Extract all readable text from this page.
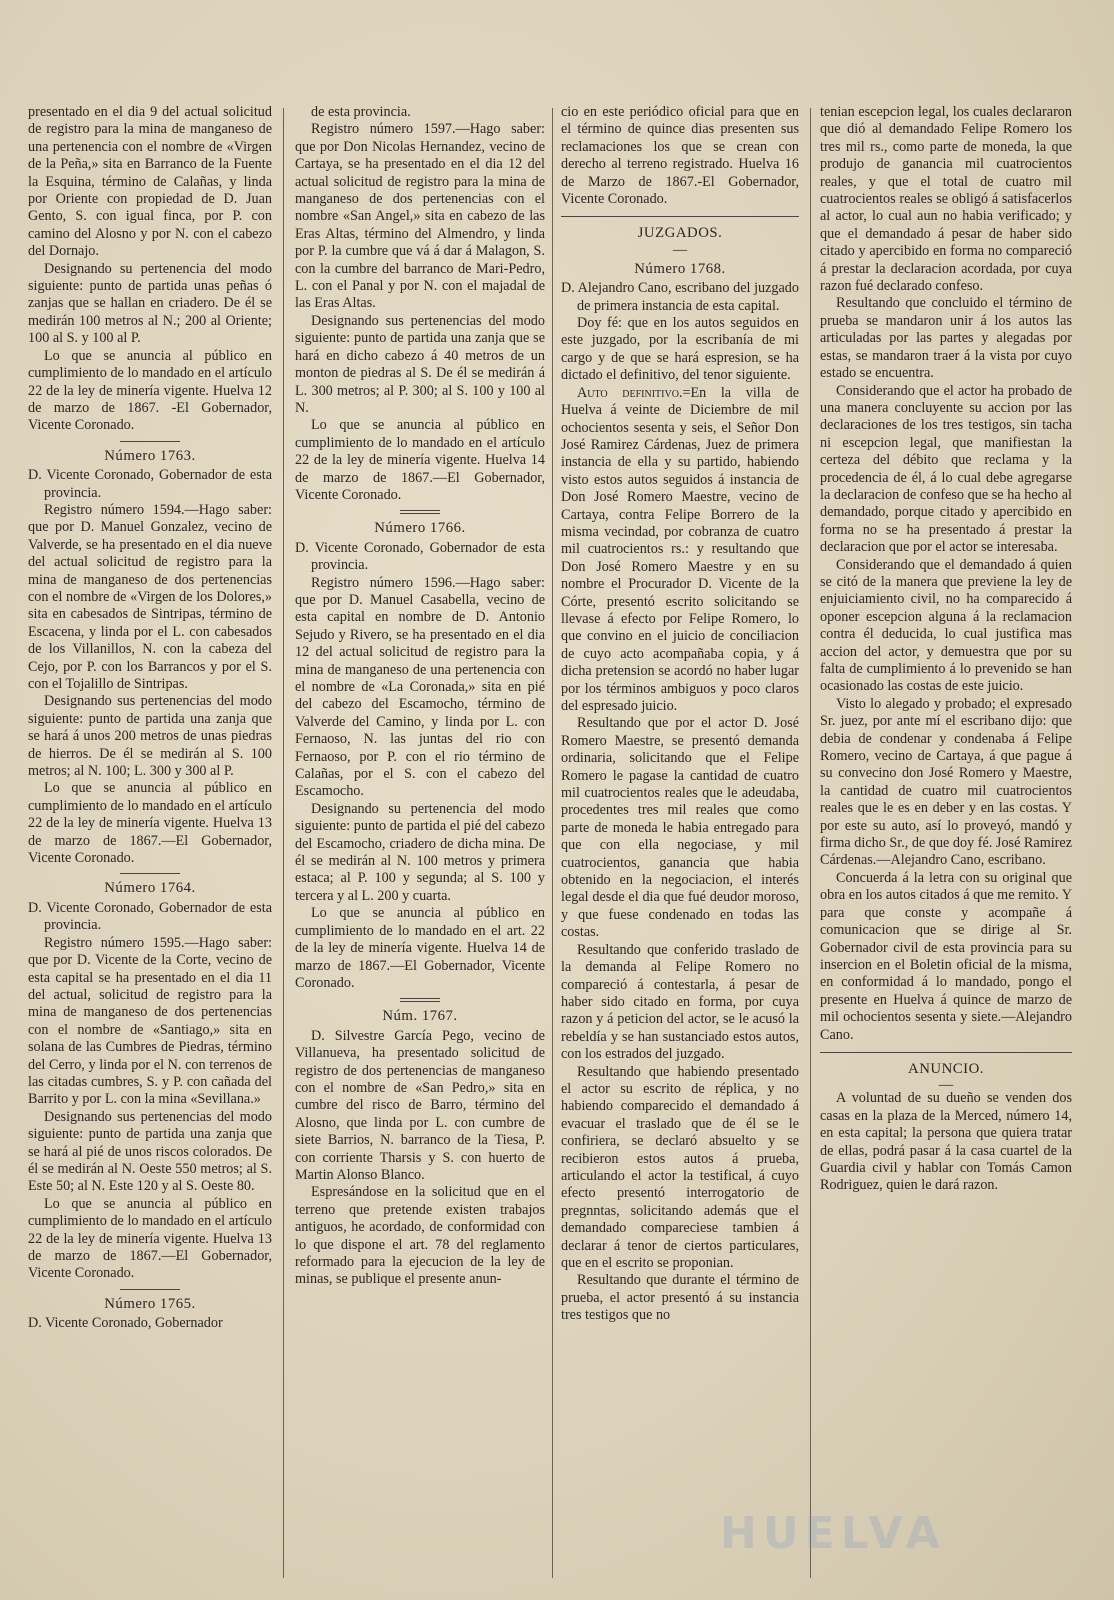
presentado en el dia 9 del actual solicitud de registro para la mina de manganeso de una pertenencia con el nombre de «Virgen de la Peña,» sita en Barranco de la Fuente la Esquina, término de Calañas, y linda por Oriente con propiedad de D. Juan Gento, S. con igual finca, por P. con camino del Alosno y por N. con el cabezo del Dornajo.

Designando su pertenencia del modo siguiente: punto de partida unas peñas ó zanjas que se hallan en criadero. De él se medirán 100 metros al N.; 200 al Oriente; 100 al S. y 100 al P.

Lo que se anuncia al público en cumplimiento de lo mandado en el artículo 22 de la ley de minería vigente. Huelva 12 de marzo de 1867. -El Gobernador, Vicente Coronado.

Número 1763.

D. Vicente Coronado, Gobernador de esta provincia.

Registro número 1594.—Hago saber: que por D. Manuel Gonzalez, vecino de Valverde, se ha presentado en el dia nueve del actual solicitud de registro para la mina de manganeso de dos pertenencias con el nombre de «Virgen de los Dolores,» sita en cabesados de Sintripas, término de Escacena, y linda por el L. con cabesados de los Villanillos, N. con la cabeza del Cejo, por P. con los Barrancos y por el S. con el Tojalillo de Sintripas.

Designando sus pertenencias del modo siguiente: punto de partida una zanja que se hará á unos 200 metros de unas piedras de hierros. De él se medirán al S. 100 metros; al N. 100; L. 300 y 300 al P.

Lo que se anuncia al público en cumplimiento de lo mandado en el artículo 22 de la ley de minería vigente. Huelva 13 de marzo de 1867.—El Gobernador, Vicente Coronado.

Número 1764.

D. Vicente Coronado, Gobernador de esta provincia.

Registro número 1595.—Hago saber: que por D. Vicente de la Corte, vecino de esta capital se ha presentado en el dia 11 del actual, solicitud de registro para la mina de manganeso de dos pertenencias con el nombre de «Santiago,» sita en solana de las Cumbres de Piedras, término del Cerro, y linda por el N. con terrenos de las citadas cumbres, S. y P. con cañada del Barrito y por L. con la mina «Sevillana.»

Designando sus pertenencias del modo siguiente: punto de partida una zanja que se hará al pié de unos riscos colorados. De él se medirán al N. Oeste 550 metros; al S. Este 50; al N. Este 120 y al S. Oeste 80.

Lo que se anuncia al público en cumplimiento de lo mandado en el artículo 22 de la ley de minería vigente. Huelva 13 de marzo de 1867.—El Gobernador, Vicente Coronado.

Número 1765.

D. Vicente Coronado, Gobernador

de esta provincia.

Registro número 1597.—Hago saber: que por Don Nicolas Hernandez, vecino de Cartaya, se ha presentado en el dia 12 del actual solicitud de registro para la mina de manganeso de dos pertenencias con el nombre «San Angel,» sita en cabezo de las Eras Altas, término del Almendro, y linda por P. la cumbre que vá á dar á Malagon, S. con la cumbre del barranco de Mari-Pedro, L. con el Panal y por N. con el majadal de las Eras Altas.

Designando sus pertenencias del modo siguiente: punto de partida una zanja que se hará en dicho cabezo á 40 metros de un monton de piedras al S. De él se medirán á L. 300 metros; al P. 300; al S. 100 y 100 al N.

Lo que se anuncia al público en cumplimiento de lo mandado en el artículo 22 de la ley de minería vigente. Huelva 14 de marzo de 1867.—El Gobernador, Vicente Coronado.

Número 1766.

D. Vicente Coronado, Gobernador de esta provincia.

Registro número 1596.—Hago saber: que por D. Manuel Casabella, vecino de esta capital en nombre de D. Antonio Sejudo y Rivero, se ha presentado en el dia 12 del actual solicitud de registro para la mina de manganeso de una pertenencia con el nombre de «La Coronada,» sita en pié del cabezo del Escamocho, término de Valverde del Camino, y linda por L. con Fernaoso, N. las juntas del rio con Fernaoso, por P. con el rio término de Calañas, por el S. con el cabezo del Escamocho.

Designando su pertenencia del modo siguiente: punto de partida el pié del cabezo del Escamocho, criadero de dicha mina. De él se medirán al N. 100 metros y primera estaca; al P. 100 y segunda; al S. 100 y tercera y al L. 200 y cuarta.

Lo que se anuncia al público en cumplimiento de lo mandado en el art. 22 de la ley de minería vigente. Huelva 14 de marzo de 1867.—El Gobernador, Vicente Coronado.

Núm. 1767.

D. Silvestre García Pego, vecino de Villanueva, ha presentado solicitud de registro de dos pertenencias de manganeso con el nombre de «San Pedro,» sita en cumbre del risco de Barro, término del Alosno, que linda por L. con cumbre de siete Barrios, N. barranco de la Tiesa, P. con corriente Tharsis y S. con huerto de Martin Alonso Blanco.

Espresándose en la solicitud que en el terreno que pretende existen trabajos antiguos, he acordado, de conformidad con lo que dispone el art. 78 del reglamento reformado para la ejecucion de la ley de minas, se publique el presente anun-

cio en este periódico oficial para que en el término de quince dias presenten sus reclamaciones los que se crean con derecho al terreno registrado. Huelva 16 de Marzo de 1867.-El Gobernador, Vicente Coronado.

JUZGADOS.
—
Número 1768.

D. Alejandro Cano, escribano del juzgado de primera instancia de esta capital.

Doy fé: que en los autos seguidos en este juzgado, por la escribanía de mi cargo y de que se hará espresion, se ha dictado el definitivo, del tenor siguiente.

Auto definitivo.=En la villa de Huelva á veinte de Diciembre de mil ochocientos sesenta y seis, el Señor Don José Ramirez Cárdenas, Juez de primera instancia de ella y su partido, habiendo visto estos autos seguidos á instancia de Don José Romero Maestre, vecino de Cartaya, contra Felipe Borrero de la misma vecindad, por cobranza de cuatro mil cuatrocientos rs.: y resultando que Don José Romero Maestre y en su nombre el Procurador D. Vicente de la Córte, presentó escrito solicitando se llevase á efecto por Felipe Romero, lo que convino en el juicio de conciliacion de cuyo acto acompañaba copia, y á dicha pretension se acordó no haber lugar por los términos ambiguos y poco claros del espresado juicio.

Resultando que por el actor D. José Romero Maestre, se presentó demanda ordinaria, solicitando que el Felipe Romero le pagase la cantidad de cuatro mil cuatrocientos reales que le adeudaba, procedentes tres mil reales que como parte de moneda le habia entregado para que con ella negociase, y mil cuatrocientos, ganancia que habia obtenido en la negociacion, el interés legal desde el dia que fué deudor moroso, y que fuese condenado en todas las costas.

Resultando que conferido traslado de la demanda al Felipe Romero no compareció á contestarla, á pesar de haber sido citado en forma, por cuya razon y á peticion del actor, se le acusó la rebeldía y se han sustanciado estos autos, con los estrados del juzgado.

Resultando que habiendo presentado el actor su escrito de réplica, y no habiendo comparecido el demandado á evacuar el traslado que de él se le confiriera, se declaró absuelto y se recibieron estos autos á prueba, articulando el actor la testifical, á cuyo efecto presentó interrogatorio de pregnntas, solicitando además que el demandado compareciese tambien á declarar á tenor de ciertos particulares, que en el escrito se proponian.

Resultando que durante el término de prueba, el actor presentó á su instancia tres testigos que no

tenian escepcion legal, los cuales declararon que dió al demandado Felipe Romero los tres mil rs., como parte de moneda, la que produjo de ganancia mil cuatrocientos reales, y que el total de cuatro mil cuatrocientos reales se obligó á satisfacerlos al actor, lo cual aun no habia verificado; y que el demandado á pesar de haber sido citado y apercibido en forma no compareció á prestar la declaracion acordada, por cuya razon fué declarado confeso.

Resultando que concluido el término de prueba se mandaron unir á los autos las articuladas por las partes y alegadas por estas, se mandaron traer á la vista por cuyo estado se encuentra.

Considerando que el actor ha probado de una manera concluyente su accion por las declaraciones de los tres testigos, sin tacha ni escepcion legal, que manifiestan la certeza del débito que reclama y la procedencia de él, á lo cual debe agregarse la declaracion de confeso que se ha hecho al demandado, porque citado y apercibido en forma no se ha presentado á prestar la declaracion que por el actor se interesaba.

Considerando que el demandado á quien se citó de la manera que previene la ley de enjuiciamiento civil, no ha comparecido á oponer escepcion alguna á la reclamacion contra él deducida, lo cual justifica mas accion del actor, y demuestra que por su falta de cumplimiento á lo prevenido se han ocasionado las costas de este juicio.

Visto lo alegado y probado; el expresado Sr. juez, por ante mí el escribano dijo: que debia de condenar y condenaba á Felipe Romero, vecino de Cartaya, á que pague á su convecino don José Romero y Maestre, la cantidad de cuatro mil cuatrocientos reales que le es en deber y en las costas. Y por este su auto, así lo proveyó, mandó y firma dicho Sr., de que doy fé. José Ramirez Cárdenas.—Alejandro Cano, escribano.

Concuerda á la letra con su original que obra en los autos citados á que me remito. Y para que conste y acompañe á comunicacion que se dirige al Sr. Gobernador civil de esta provincia para su insercion en el Boletin oficial de la misma, en conformidad á lo mandado, pongo el presente en Huelva á quince de marzo de mil ochocientos sesenta y siete.—Alejandro Cano.

ANUNCIO.
—

A voluntad de su dueño se venden dos casas en la plaza de la Merced, número 14, en esta capital; la persona que quiera tratar de ellas, podrá pasar á la casa cuartel de la Guardia civil y hablar con Tomás Camon Rodriguez, quien le dará razon.

HUELVA
